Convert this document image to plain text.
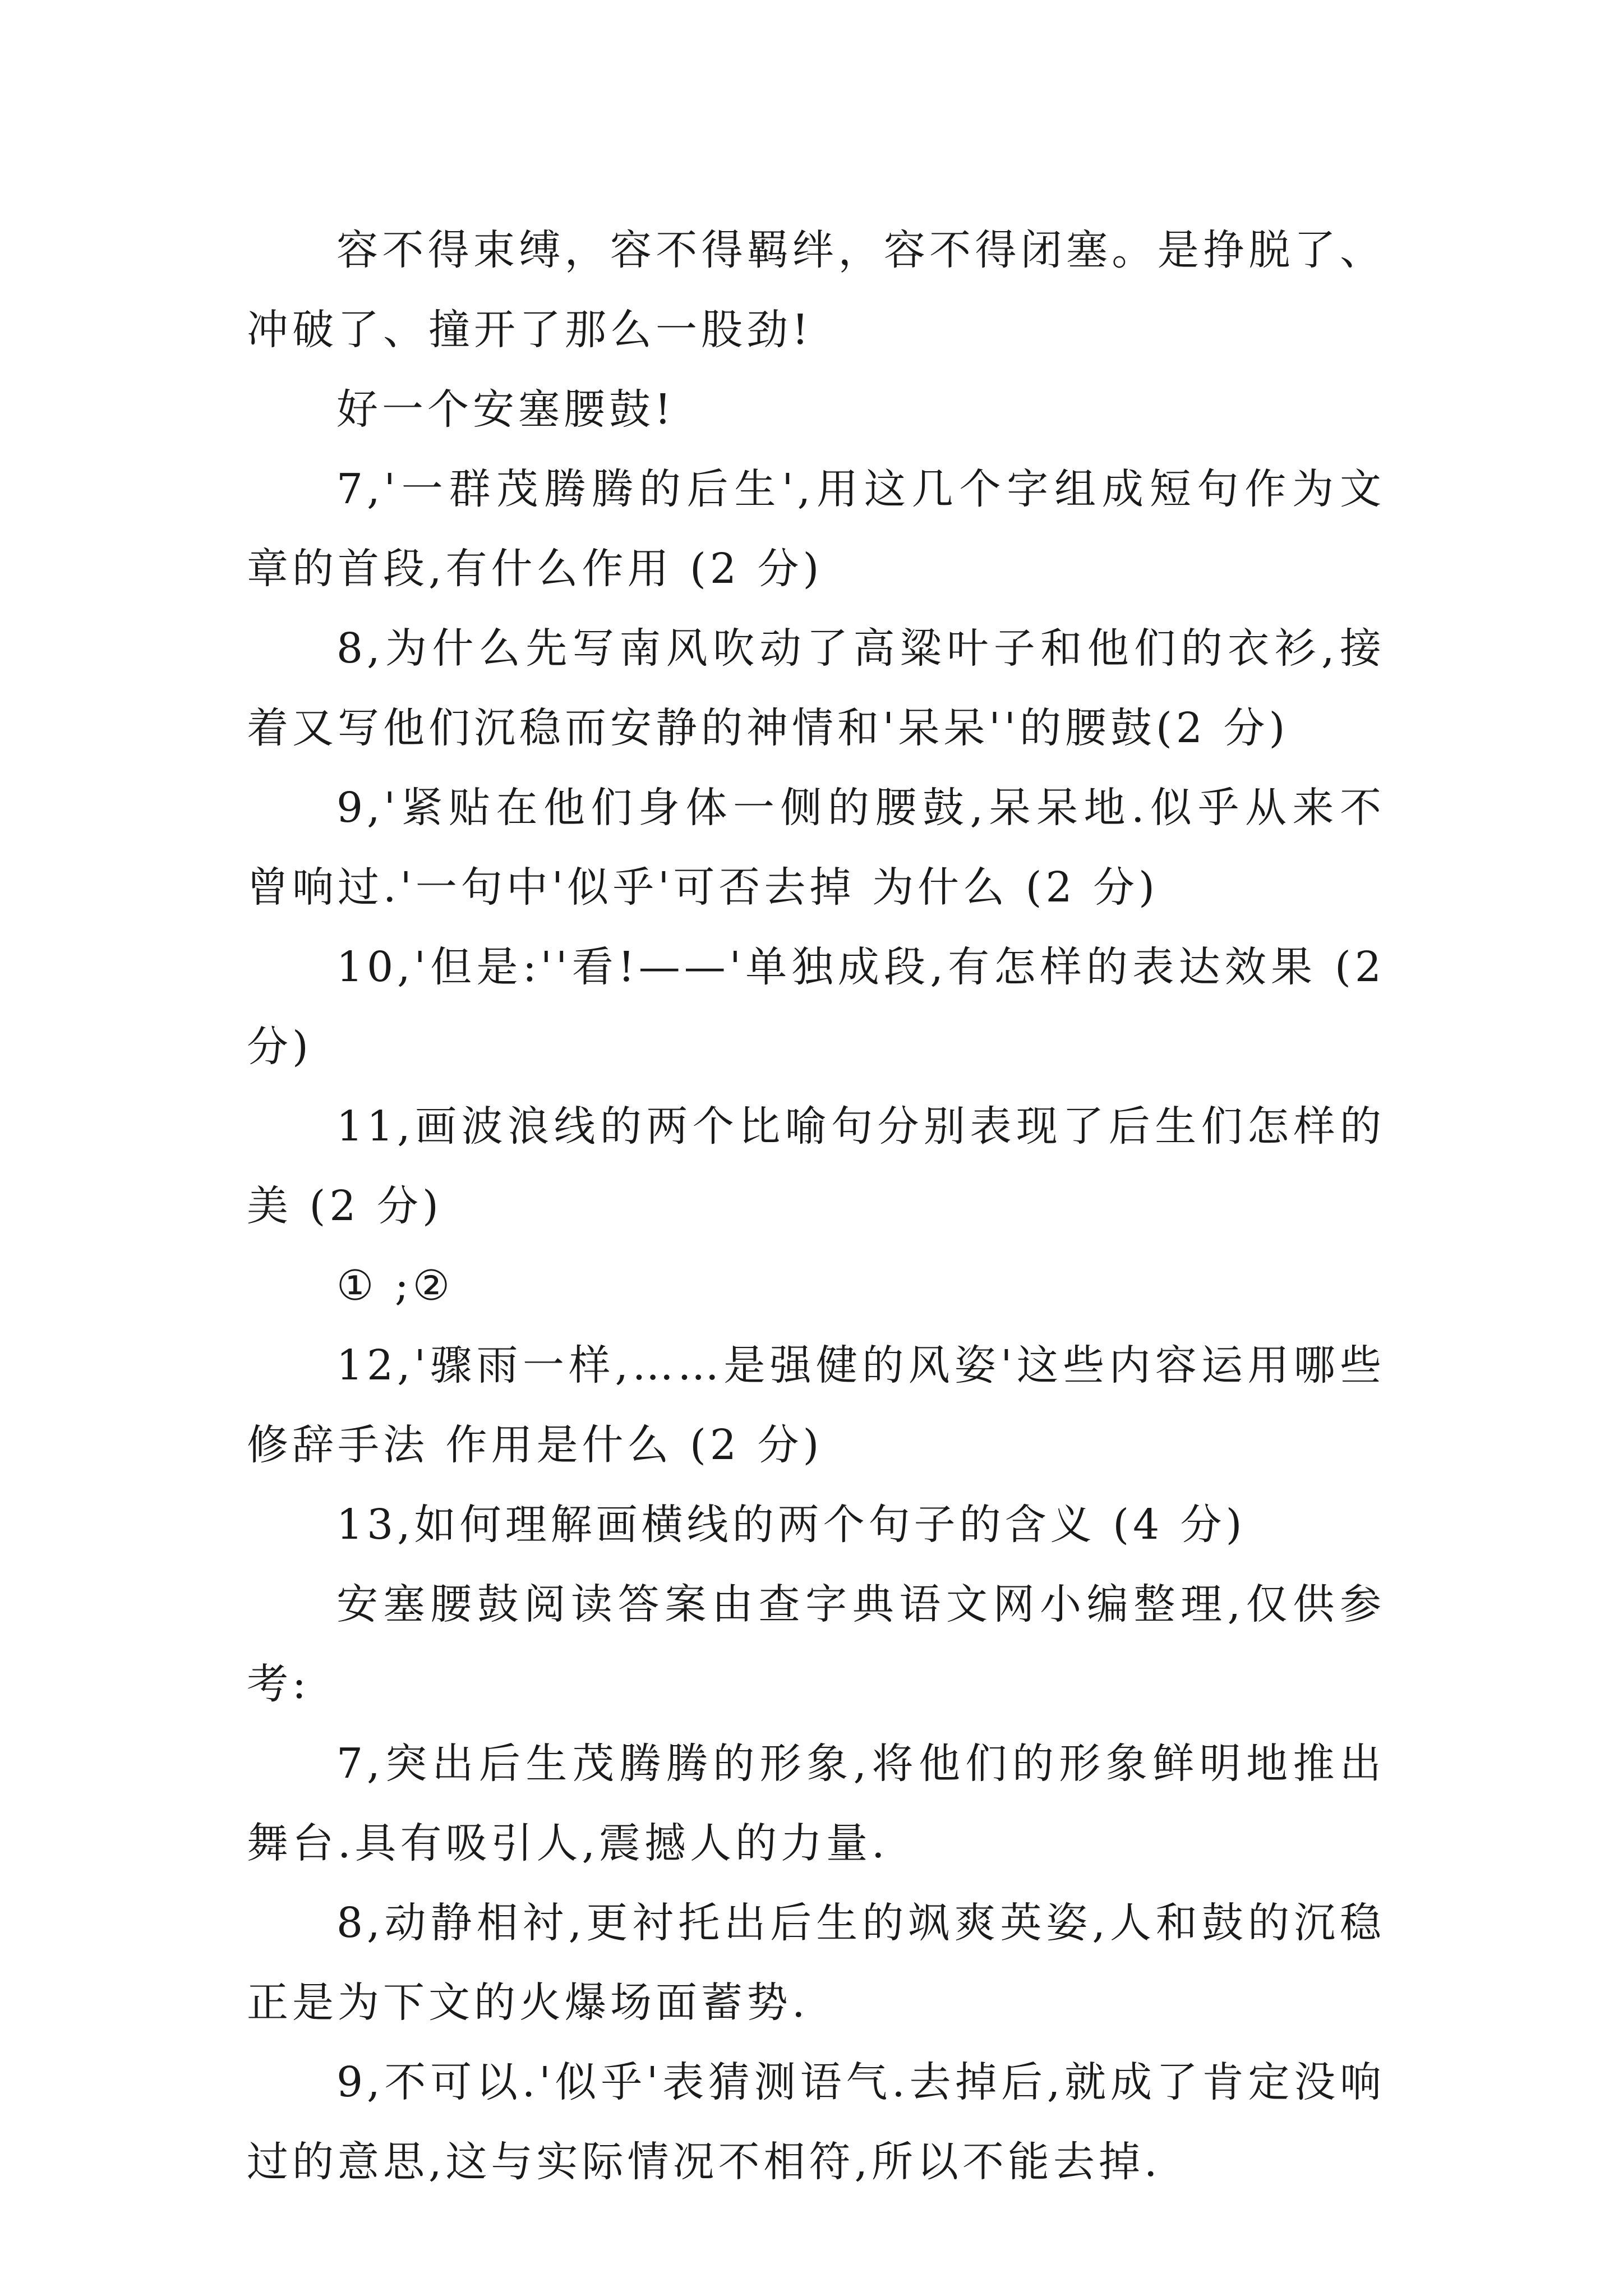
容不得束缚，容不得羁绊，容不得闭塞。是挣脱了、冲破了、撞开了那么一股劲!

好一个安塞腰鼓!

7,'一群茂腾腾的后生',用这几个字组成短句作为文章的首段,有什么作用 (2 分)

8,为什么先写南风吹动了高粱叶子和他们的衣衫,接着又写他们沉稳而安静的神情和'呆呆''的腰鼓(2 分)

9,'紧贴在他们身体一侧的腰鼓,呆呆地.似乎从来不曾响过.'一句中'似乎'可否去掉 为什么 (2 分)

10,'但是:''看!——'单独成段,有怎样的表达效果 (2 分)

11,画波浪线的两个比喻句分别表现了后生们怎样的美 (2 分)

① ;②

12,'骤雨一样,……是强健的风姿'这些内容运用哪些修辞手法 作用是什么 (2 分)

13,如何理解画横线的两个句子的含义 (4 分)

安塞腰鼓阅读答案由查字典语文网小编整理,仅供参考:

7,突出后生茂腾腾的形象,将他们的形象鲜明地推出舞台.具有吸引人,震撼人的力量.

8,动静相衬,更衬托出后生的飒爽英姿,人和鼓的沉稳正是为下文的火爆场面蓄势.

9,不可以.'似乎'表猜测语气.去掉后,就成了肯定没响过的意思,这与实际情况不相符,所以不能去掉.
